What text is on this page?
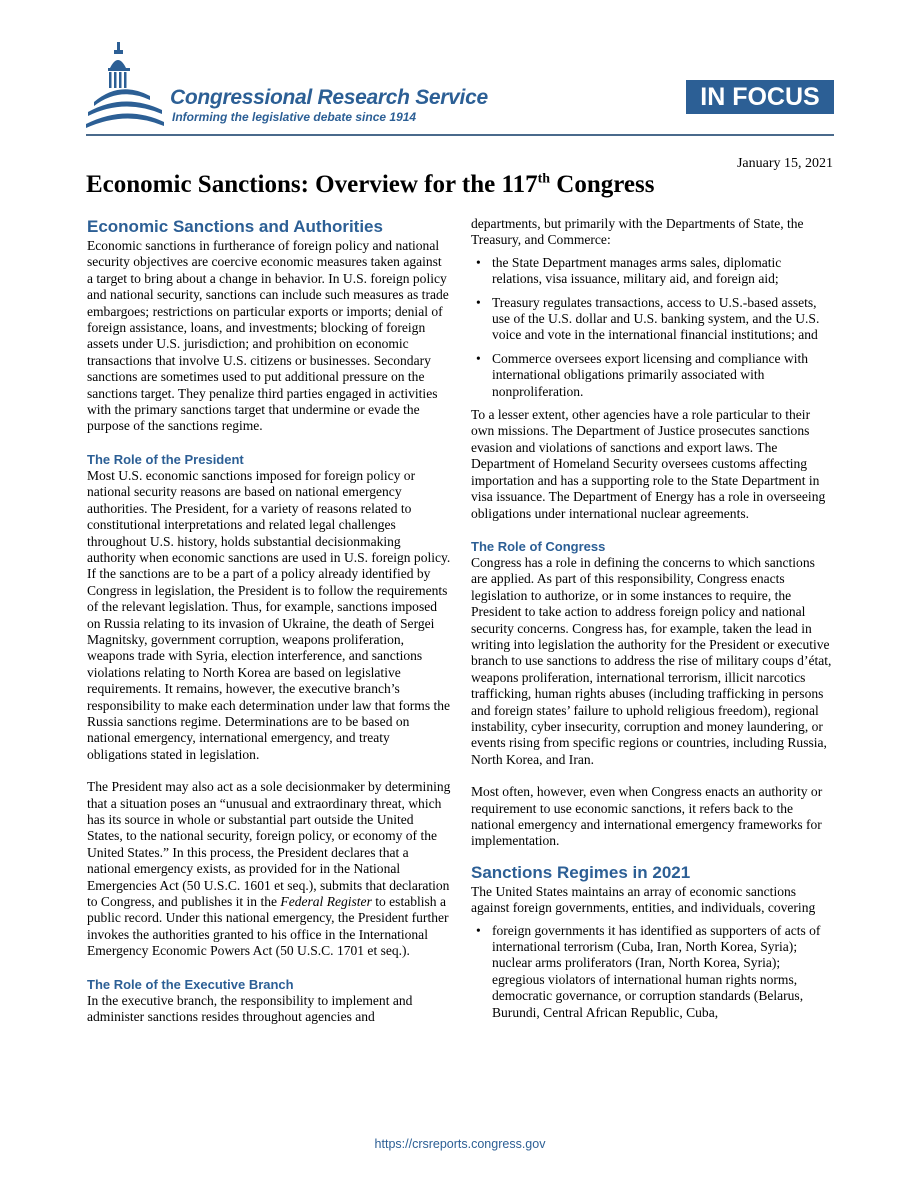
Congressional Research Service
Informing the legislative debate since 1914
IN FOCUS
January 15, 2021
Economic Sanctions: Overview for the 117th Congress
Economic Sanctions and Authorities

Economic sanctions in furtherance of foreign policy and national security objectives are coercive economic measures taken against a target to bring about a change in behavior. In U.S. foreign policy and national security, sanctions can include such measures as trade embargoes; restrictions on particular exports or imports; denial of foreign assistance, loans, and investments; blocking of foreign assets under U.S. jurisdiction; and prohibition on economic transactions that involve U.S. citizens or businesses. Secondary sanctions are sometimes used to put additional pressure on the sanctions target. They penalize third parties engaged in activities with the primary sanctions target that undermine or evade the purpose of the sanctions regime.

The Role of the President

Most U.S. economic sanctions imposed for foreign policy or national security reasons are based on national emergency authorities. The President, for a variety of reasons related to constitutional interpretations and related legal challenges throughout U.S. history, holds substantial decisionmaking authority when economic sanctions are used in U.S. foreign policy. If the sanctions are to be a part of a policy already identified by Congress in legislation, the President is to follow the requirements of the relevant legislation. Thus, for example, sanctions imposed on Russia relating to its invasion of Ukraine, the death of Sergei Magnitsky, government corruption, weapons proliferation, weapons trade with Syria, election interference, and sanctions violations relating to North Korea are based on legislative requirements. It remains, however, the executive branch’s responsibility to make each determination under law that forms the Russia sanctions regime. Determinations are to be based on national emergency, international emergency, and treaty obligations stated in legislation.

The President may also act as a sole decisionmaker by determining that a situation poses an “unusual and extraordinary threat, which has its source in whole or substantial part outside the United States, to the national security, foreign policy, or economy of the United States.” In this process, the President declares that a national emergency exists, as provided for in the National Emergencies Act (50 U.S.C. 1601 et seq.), submits that declaration to Congress, and publishes it in the Federal Register to establish a public record. Under this national emergency, the President further invokes the authorities granted to his office in the International Emergency Economic Powers Act (50 U.S.C. 1701 et seq.).

The Role of the Executive Branch

In the executive branch, the responsibility to implement and administer sanctions resides throughout agencies and

departments, but primarily with the Departments of State, the Treasury, and Commerce:

• the State Department manages arms sales, diplomatic relations, visa issuance, military aid, and foreign aid;
• Treasury regulates transactions, access to U.S.-based assets, use of the U.S. dollar and U.S. banking system, and the U.S. voice and vote in the international financial institutions; and
• Commerce oversees export licensing and compliance with international obligations primarily associated with nonproliferation.

To a lesser extent, other agencies have a role particular to their own missions. The Department of Justice prosecutes sanctions evasion and violations of sanctions and export laws. The Department of Homeland Security oversees customs affecting importation and has a supporting role to the State Department in visa issuance. The Department of Energy has a role in overseeing obligations under international nuclear agreements.

The Role of Congress

Congress has a role in defining the concerns to which sanctions are applied. As part of this responsibility, Congress enacts legislation to authorize, or in some instances to require, the President to take action to address foreign policy and national security concerns. Congress has, for example, taken the lead in writing into legislation the authority for the President or executive branch to use sanctions to address the rise of military coups d’état, weapons proliferation, international terrorism, illicit narcotics trafficking, human rights abuses (including trafficking in persons and foreign states’ failure to uphold religious freedom), regional instability, cyber insecurity, corruption and money laundering, or events rising from specific regions or countries, including Russia, North Korea, and Iran.

Most often, however, even when Congress enacts an authority or requirement to use economic sanctions, it refers back to the national emergency and international emergency frameworks for implementation.

Sanctions Regimes in 2021

The United States maintains an array of economic sanctions against foreign governments, entities, and individuals, covering

• foreign governments it has identified as supporters of acts of international terrorism (Cuba, Iran, North Korea, Syria); nuclear arms proliferators (Iran, North Korea, Syria); egregious violators of international human rights norms, democratic governance, or corruption standards (Belarus, Burundi, Central African Republic, Cuba,
https://crsreports.congress.gov
